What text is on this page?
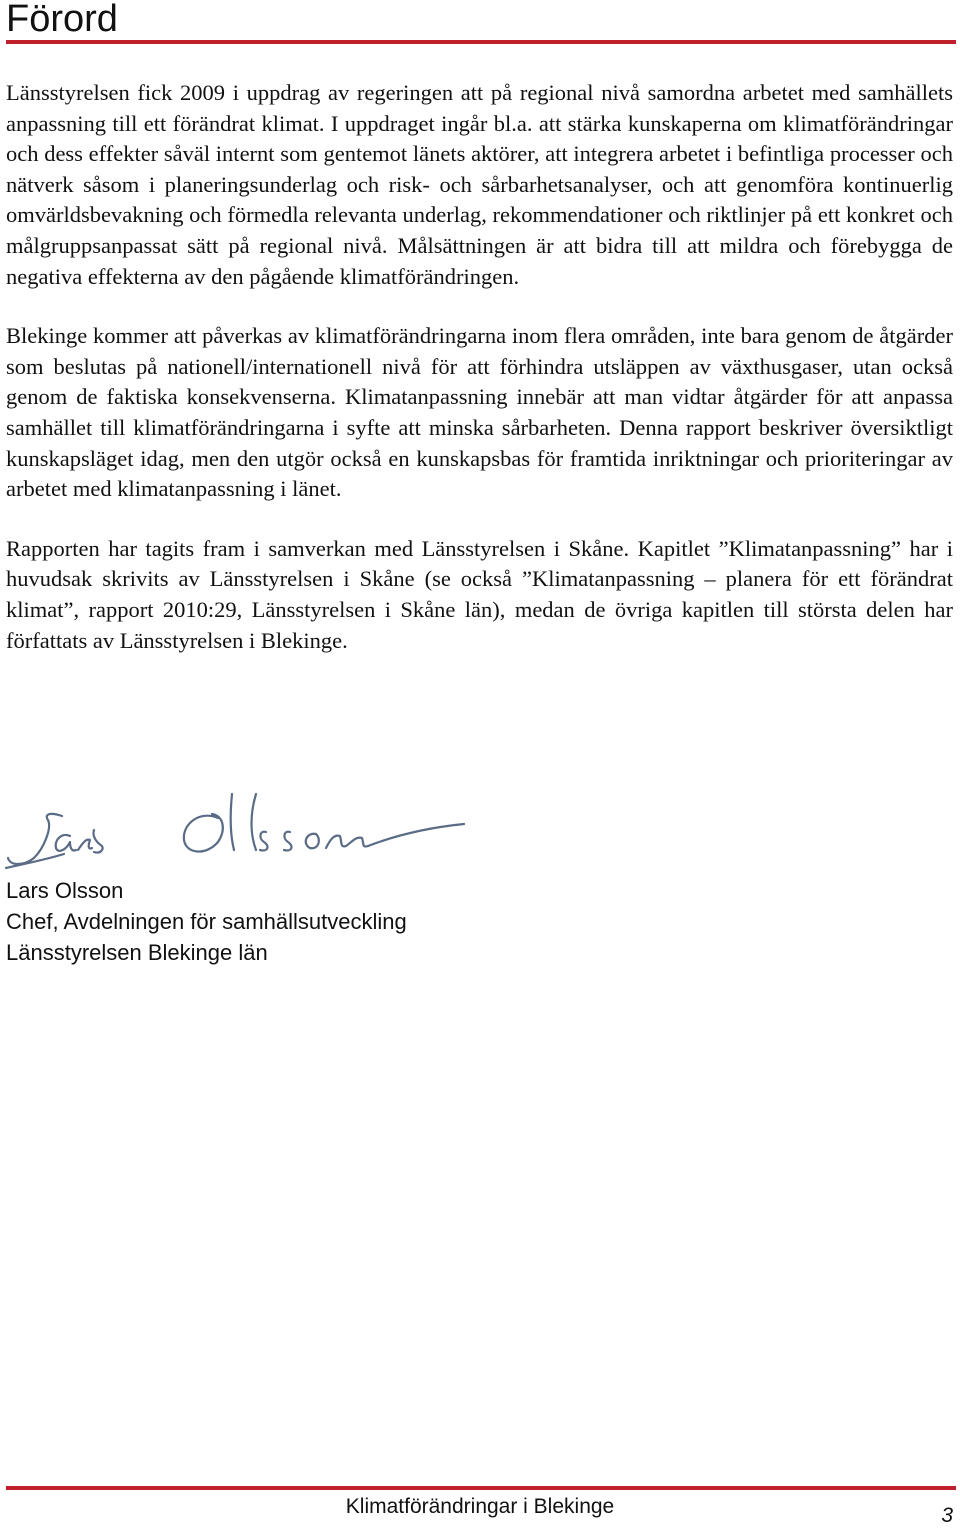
Förord

Länsstyrelsen fick 2009 i uppdrag av regeringen att på regional nivå samordna arbetet med samhällets anpassning till ett förändrat klimat. I uppdraget ingår bl.a. att stärka kunskaperna om klimatförändringar och dess effekter såväl internt som gentemot länets aktörer, att integrera arbetet i befintliga processer och nätverk såsom i planeringsunderlag och risk- och sårbarhetsanalyser, och att genomföra kontinuerlig omvärldsbevakning och förmedla relevanta underlag, rekommendationer och riktlinjer på ett konkret och målgruppsanpassat sätt på regional nivå. Målsättningen är att bidra till att mildra och förebygga de negativa effekterna av den pågående klimatförändringen.

Blekinge kommer att påverkas av klimatförändringarna inom flera områden, inte bara genom de åtgärder som beslutas på nationell/internationell nivå för att förhindra utsläppen av växthusgaser, utan också genom de faktiska konsekvenserna. Klimatanpassning innebär att man vidtar åtgärder för att anpassa samhället till klimatförändringarna i syfte att minska sårbarheten. Denna rapport beskriver översiktligt kunskapsläget idag, men den utgör också en kunskapsbas för framtida inriktningar och prioriteringar av arbetet med klimatanpassning i länet.

Rapporten har tagits fram i samverkan med Länsstyrelsen i Skåne. Kapitlet ”Klimatanpassning” har i huvudsak skrivits av Länsstyrelsen i Skåne (se också ”Klimatanpassning – planera för ett förändrat klimat”, rapport 2010:29, Länsstyrelsen i Skåne län), medan de övriga kapitlen till största delen har författats av Länsstyrelsen i Blekinge.

Lars Olsson
Chef, Avdelningen för samhällsutveckling
Länsstyrelsen Blekinge län
Klimatförändringar i Blekinge	3
